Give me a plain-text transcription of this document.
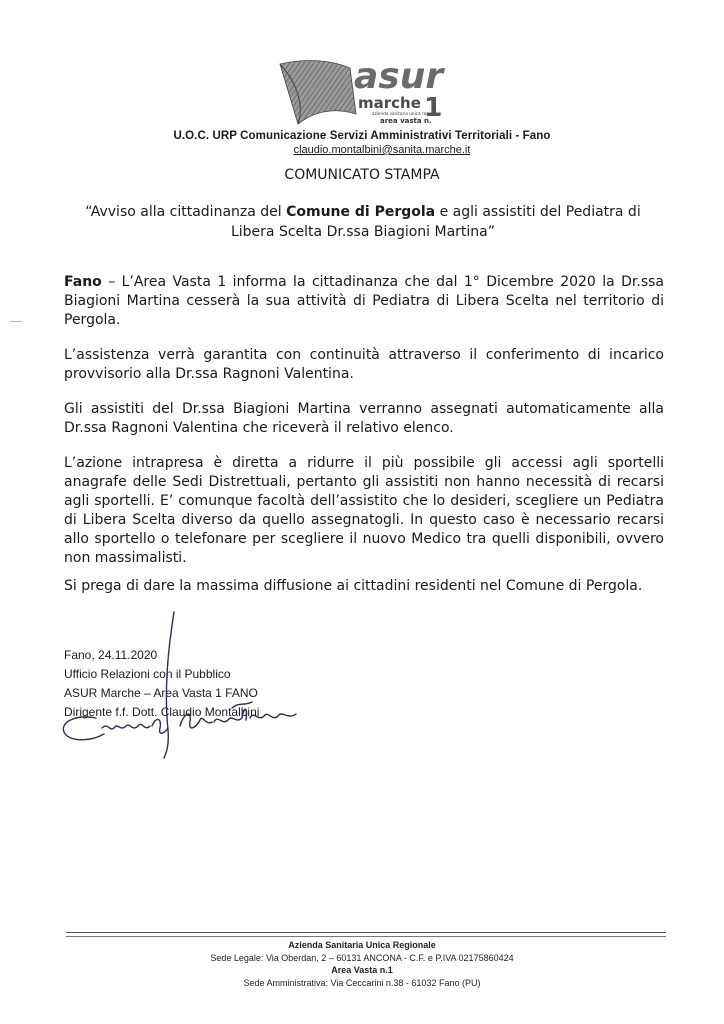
asur
marche
azienda sanitaria unica regionale
area vasta n.
1
U.O.C. URP Comunicazione Servizi Amministrativi Territoriali - Fano
claudio.montalbini@sanita.marche.it
COMUNICATO STAMPA
“Avviso alla cittadinanza del Comune di Pergola e agli assistiti del Pediatra di Libera Scelta Dr.ssa Biagioni Martina”
Fano – L’Area Vasta 1 informa la cittadinanza che dal 1° Dicembre 2020 la Dr.ssa Biagioni Martina cesserà la sua attività di Pediatra di Libera Scelta nel territorio di Pergola.
L’assistenza verrà garantita con continuità attraverso il conferimento di incarico provvisorio alla Dr.ssa Ragnoni Valentina.
Gli assistiti del Dr.ssa Biagioni Martina verranno assegnati automaticamente alla Dr.ssa Ragnoni Valentina che riceverà il relativo elenco.
L’azione intrapresa è diretta a ridurre il più possibile gli accessi agli sportelli anagrafe delle Sedi Distrettuali, pertanto gli assistiti non hanno necessità di recarsi agli sportelli. E’ comunque facoltà dell’assistito che lo desideri, scegliere un Pediatra di Libera Scelta diverso da quello assegnatogli. In questo caso è necessario recarsi allo sportello o telefonare per scegliere il nuovo Medico tra quelli disponibili, ovvero non massimalisti.
Si prega di dare la massima diffusione ai cittadini residenti nel Comune di Pergola.
Fano, 24.11.2020
Ufficio Relazioni con il Pubblico
ASUR Marche – Area Vasta 1 FANO
Dirigente f.f. Dott. Claudio Montalbini
Azienda Sanitaria Unica Regionale
Sede Legale: Via Oberdan, 2 – 60131 ANCONA - C.F. e P.IVA 02175860424
Area Vasta n.1
Sede Amministrativa: Via Ceccarini n.38 - 61032 Fano (PU)
